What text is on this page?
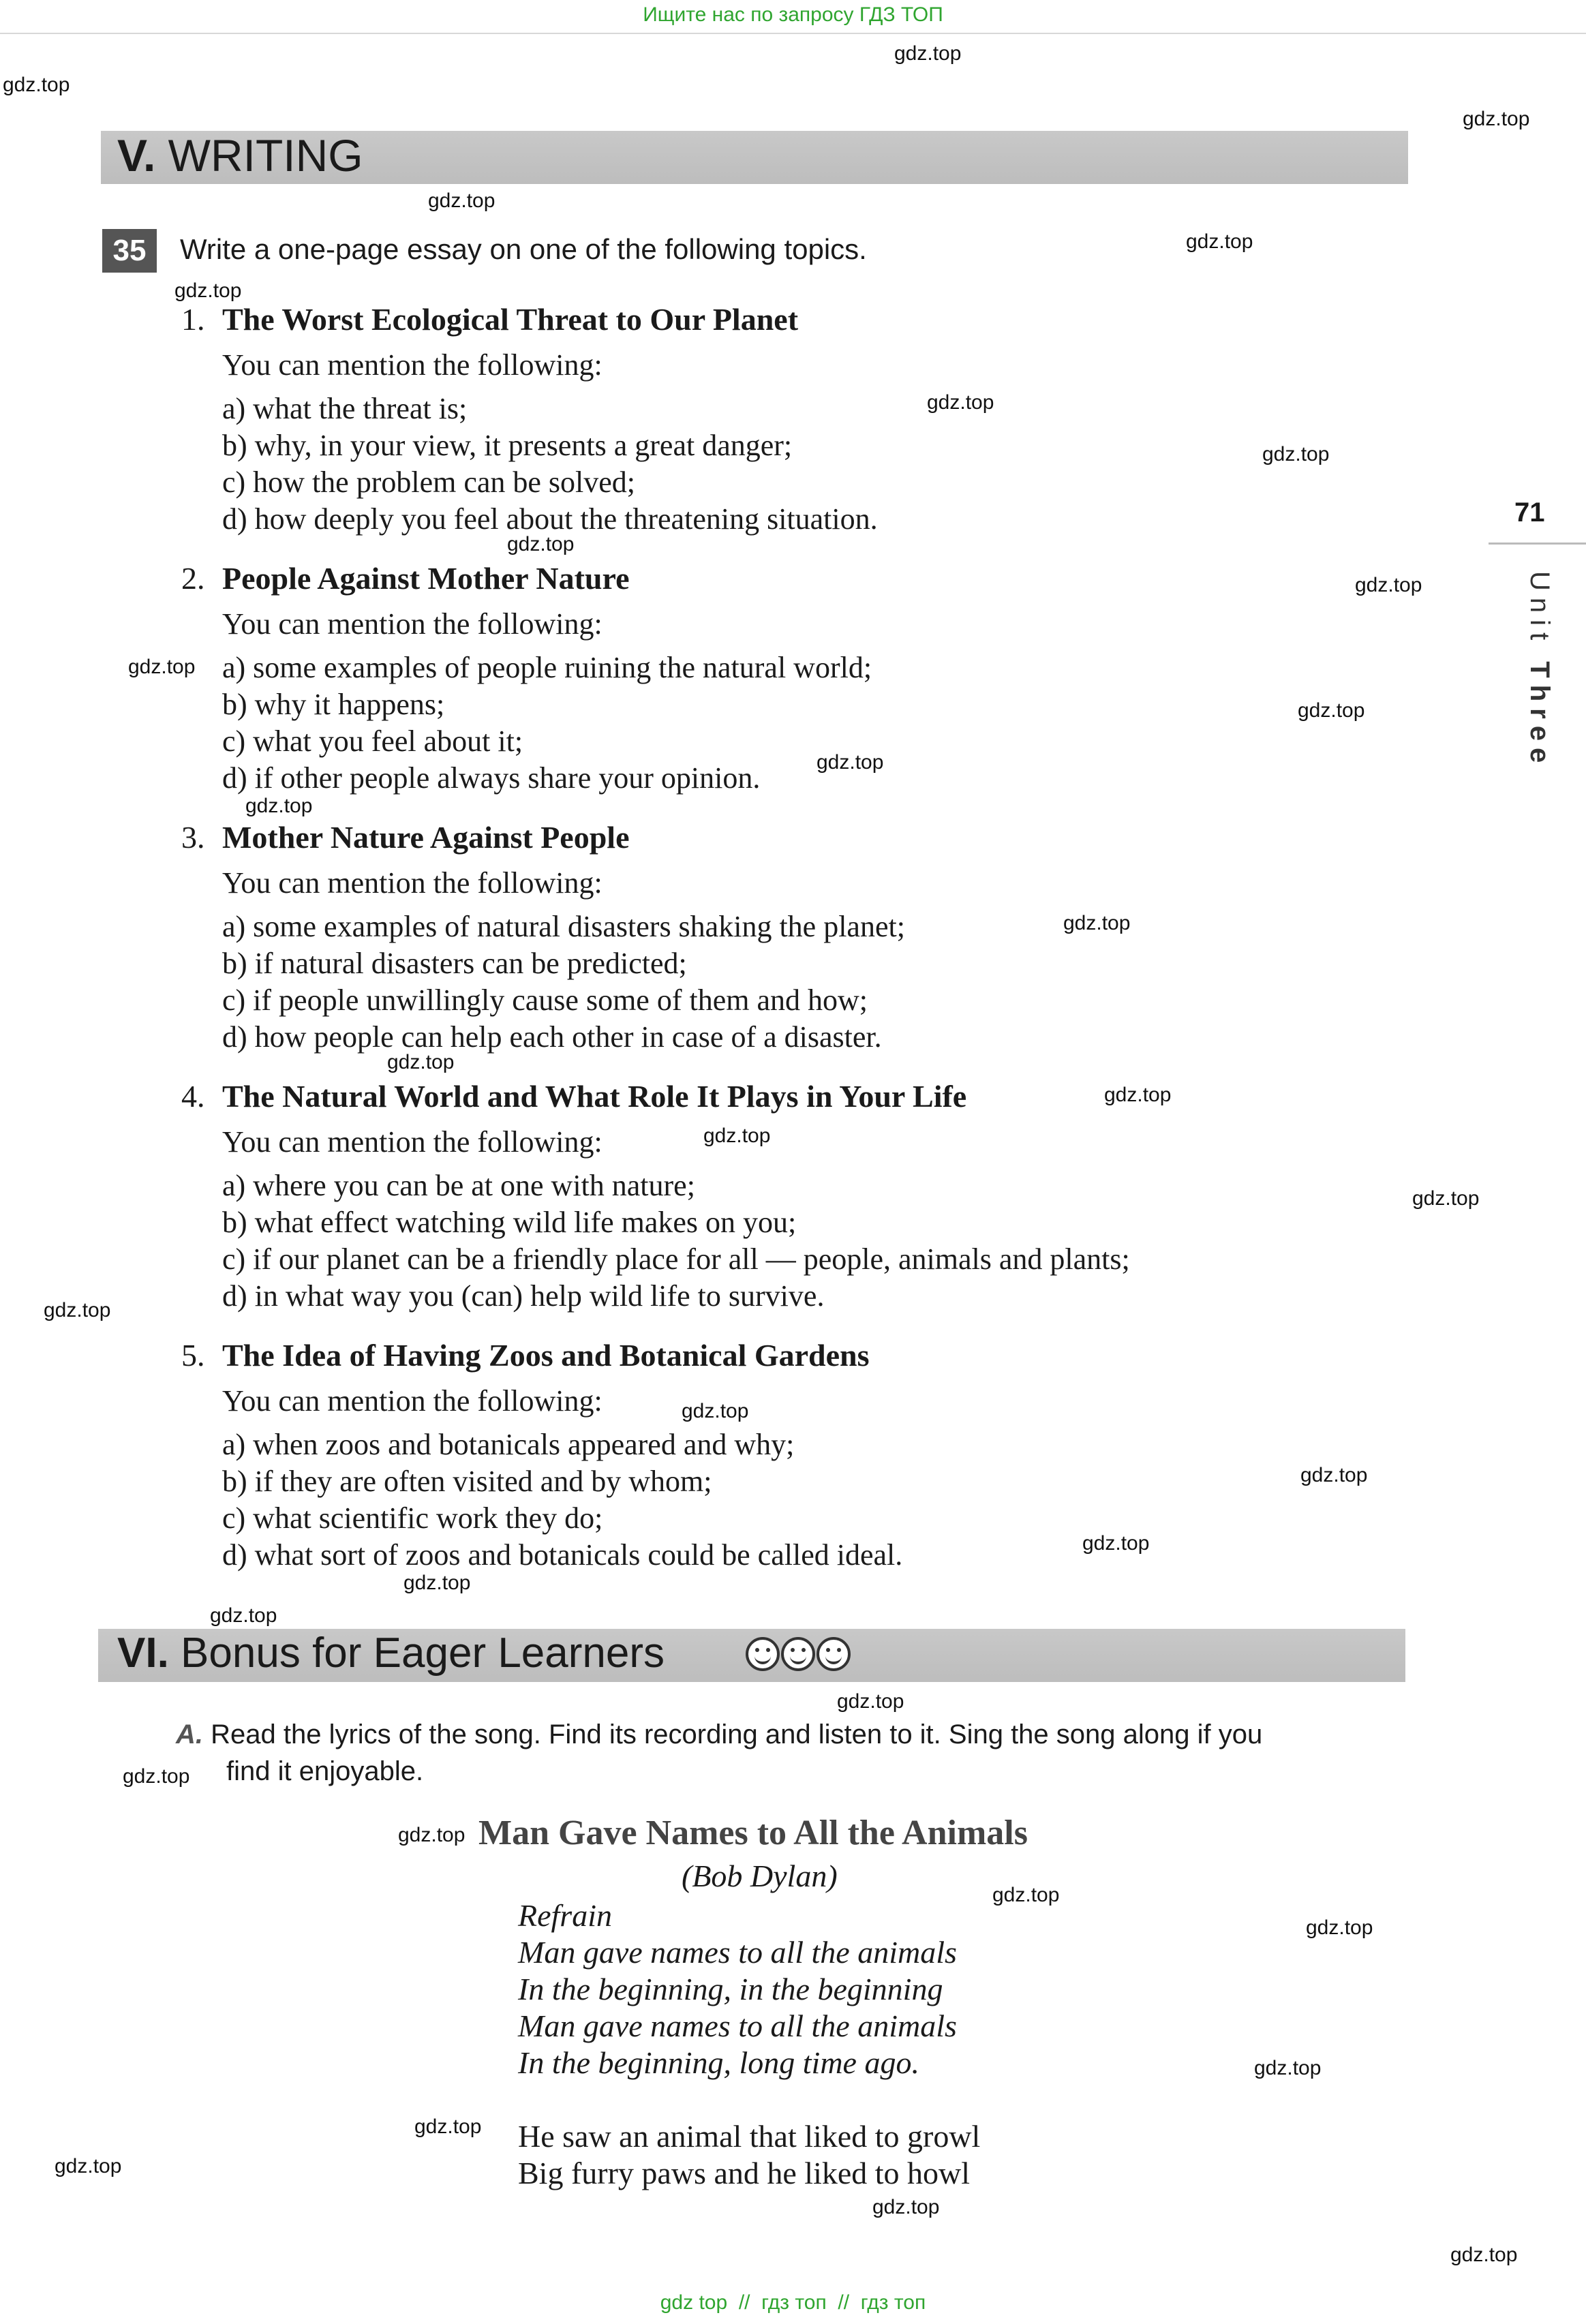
Ищите нас по запросу ГДЗ ТОП
gdz.top
gdz.top
gdz.top
gdz.top
gdz.top
gdz.top
gdz.top
gdz.top
gdz.top
gdz.top
gdz.top
gdz.top
gdz.top
gdz.top
gdz.top
gdz.top
gdz.top
gdz.top
gdz.top
gdz.top
gdz.top
gdz.top
gdz.top
gdz.top
gdz.top
gdz.top
gdz.top
gdz.top
gdz.top
gdz.top
gdz.top
gdz.top
gdz.top
gdz.top
gdz.top
V. WRITING
35	Write a one-page essay on one of the following topics.
1. The Worst Ecological Threat to Our Planet
You can mention the following:
a) what the threat is;
b) why, in your view, it presents a great danger;
c) how the problem can be solved;
d) how deeply you feel about the threatening situation.
2. People Against Mother Nature
You can mention the following:
a) some examples of people ruining the natural world;
b) why it happens;
c) what you feel about it;
d) if other people always share your opinion.
3. Mother Nature Against People
You can mention the following:
a) some examples of natural disasters shaking the planet;
b) if natural disasters can be predicted;
c) if people unwillingly cause some of them and how;
d) how people can help each other in case of a disaster.
4. The Natural World and What Role It Plays in Your Life
You can mention the following:
a) where you can be at one with nature;
b) what effect watching wild life makes on you;
c) if our planet can be a friendly place for all — people, animals and plants;
d) in what way you (can) help wild life to survive.
5. The Idea of Having Zoos and Botanical Gardens
You can mention the following:
a) when zoos and botanicals appeared and why;
b) if they are often visited and by whom;
c) what scientific work they do;
d) what sort of zoos and botanicals could be called ideal.
71
Unit Three
VI. Bonus for Eager Learners
A. Read the lyrics of the song. Find its recording and listen to it. Sing the song along if you
find it enjoyable.
Man Gave Names to All the Animals
(Bob Dylan)
Refrain
Man gave names to all the animals
In the beginning, in the beginning
Man gave names to all the animals
In the beginning, long time ago.
He saw an animal that liked to growl
Big furry paws and he liked to howl
gdz top  //  гдз топ  //  гдз топ
